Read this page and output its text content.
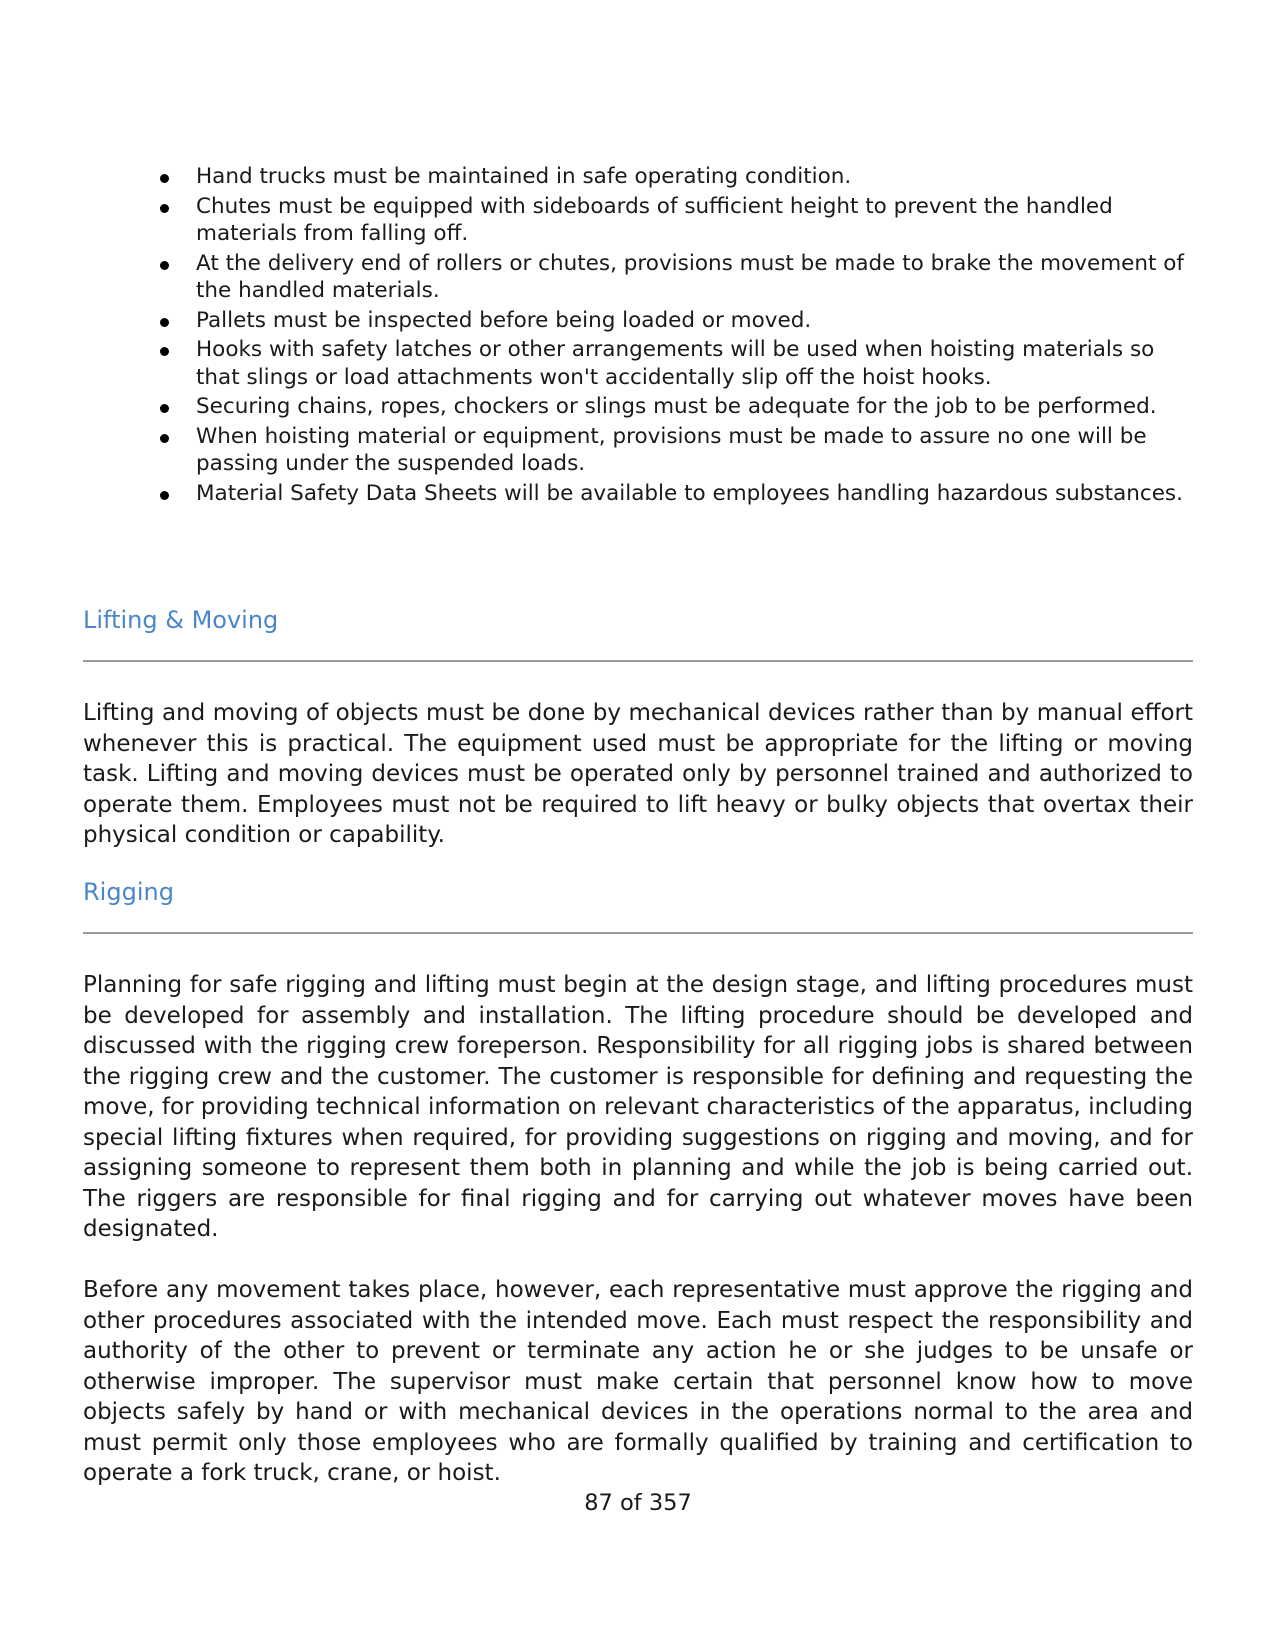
Hand trucks must be maintained in safe operating condition.
Chutes must be equipped with sideboards of sufficient height to prevent the handled materials from falling off.
At the delivery end of rollers or chutes, provisions must be made to brake the movement of the handled materials.
Pallets must be inspected before being loaded or moved.
Hooks with safety latches or other arrangements will be used when hoisting materials so that slings or load attachments won't accidentally slip off the hoist hooks.
Securing chains, ropes, chockers or slings must be adequate for the job to be performed.
When hoisting material or equipment, provisions must be made to assure no one will be passing under the suspended loads.
Material Safety Data Sheets will be available to employees handling hazardous substances.
Lifting & Moving

Lifting and moving of objects must be done by mechanical devices rather than by manual effort whenever this is practical. The equipment used must be appropriate for the lifting or moving task. Lifting and moving devices must be operated only by personnel trained and authorized to operate them. Employees must not be required to lift heavy or bulky objects that overtax their physical condition or capability.

Rigging

Planning for safe rigging and lifting must begin at the design stage, and lifting procedures must be developed for assembly and installation. The lifting procedure should be developed and discussed with the rigging crew foreperson. Responsibility for all rigging jobs is shared between the rigging crew and the customer. The customer is responsible for defining and requesting the move, for providing technical information on relevant characteristics of the apparatus, including special lifting fixtures when required, for providing suggestions on rigging and moving, and for assigning someone to represent them both in planning and while the job is being carried out. The riggers are responsible for final rigging and for carrying out whatever moves have been designated.

Before any movement takes place, however, each representative must approve the rigging and other procedures associated with the intended move. Each must respect the responsibility and authority of the other to prevent or terminate any action he or she judges to be unsafe or otherwise improper. The supervisor must make certain that personnel know how to move objects safely by hand or with mechanical devices in the operations normal to the area and must permit only those employees who are formally qualified by training and certification to operate a fork truck, crane, or hoist.

87 of 357
